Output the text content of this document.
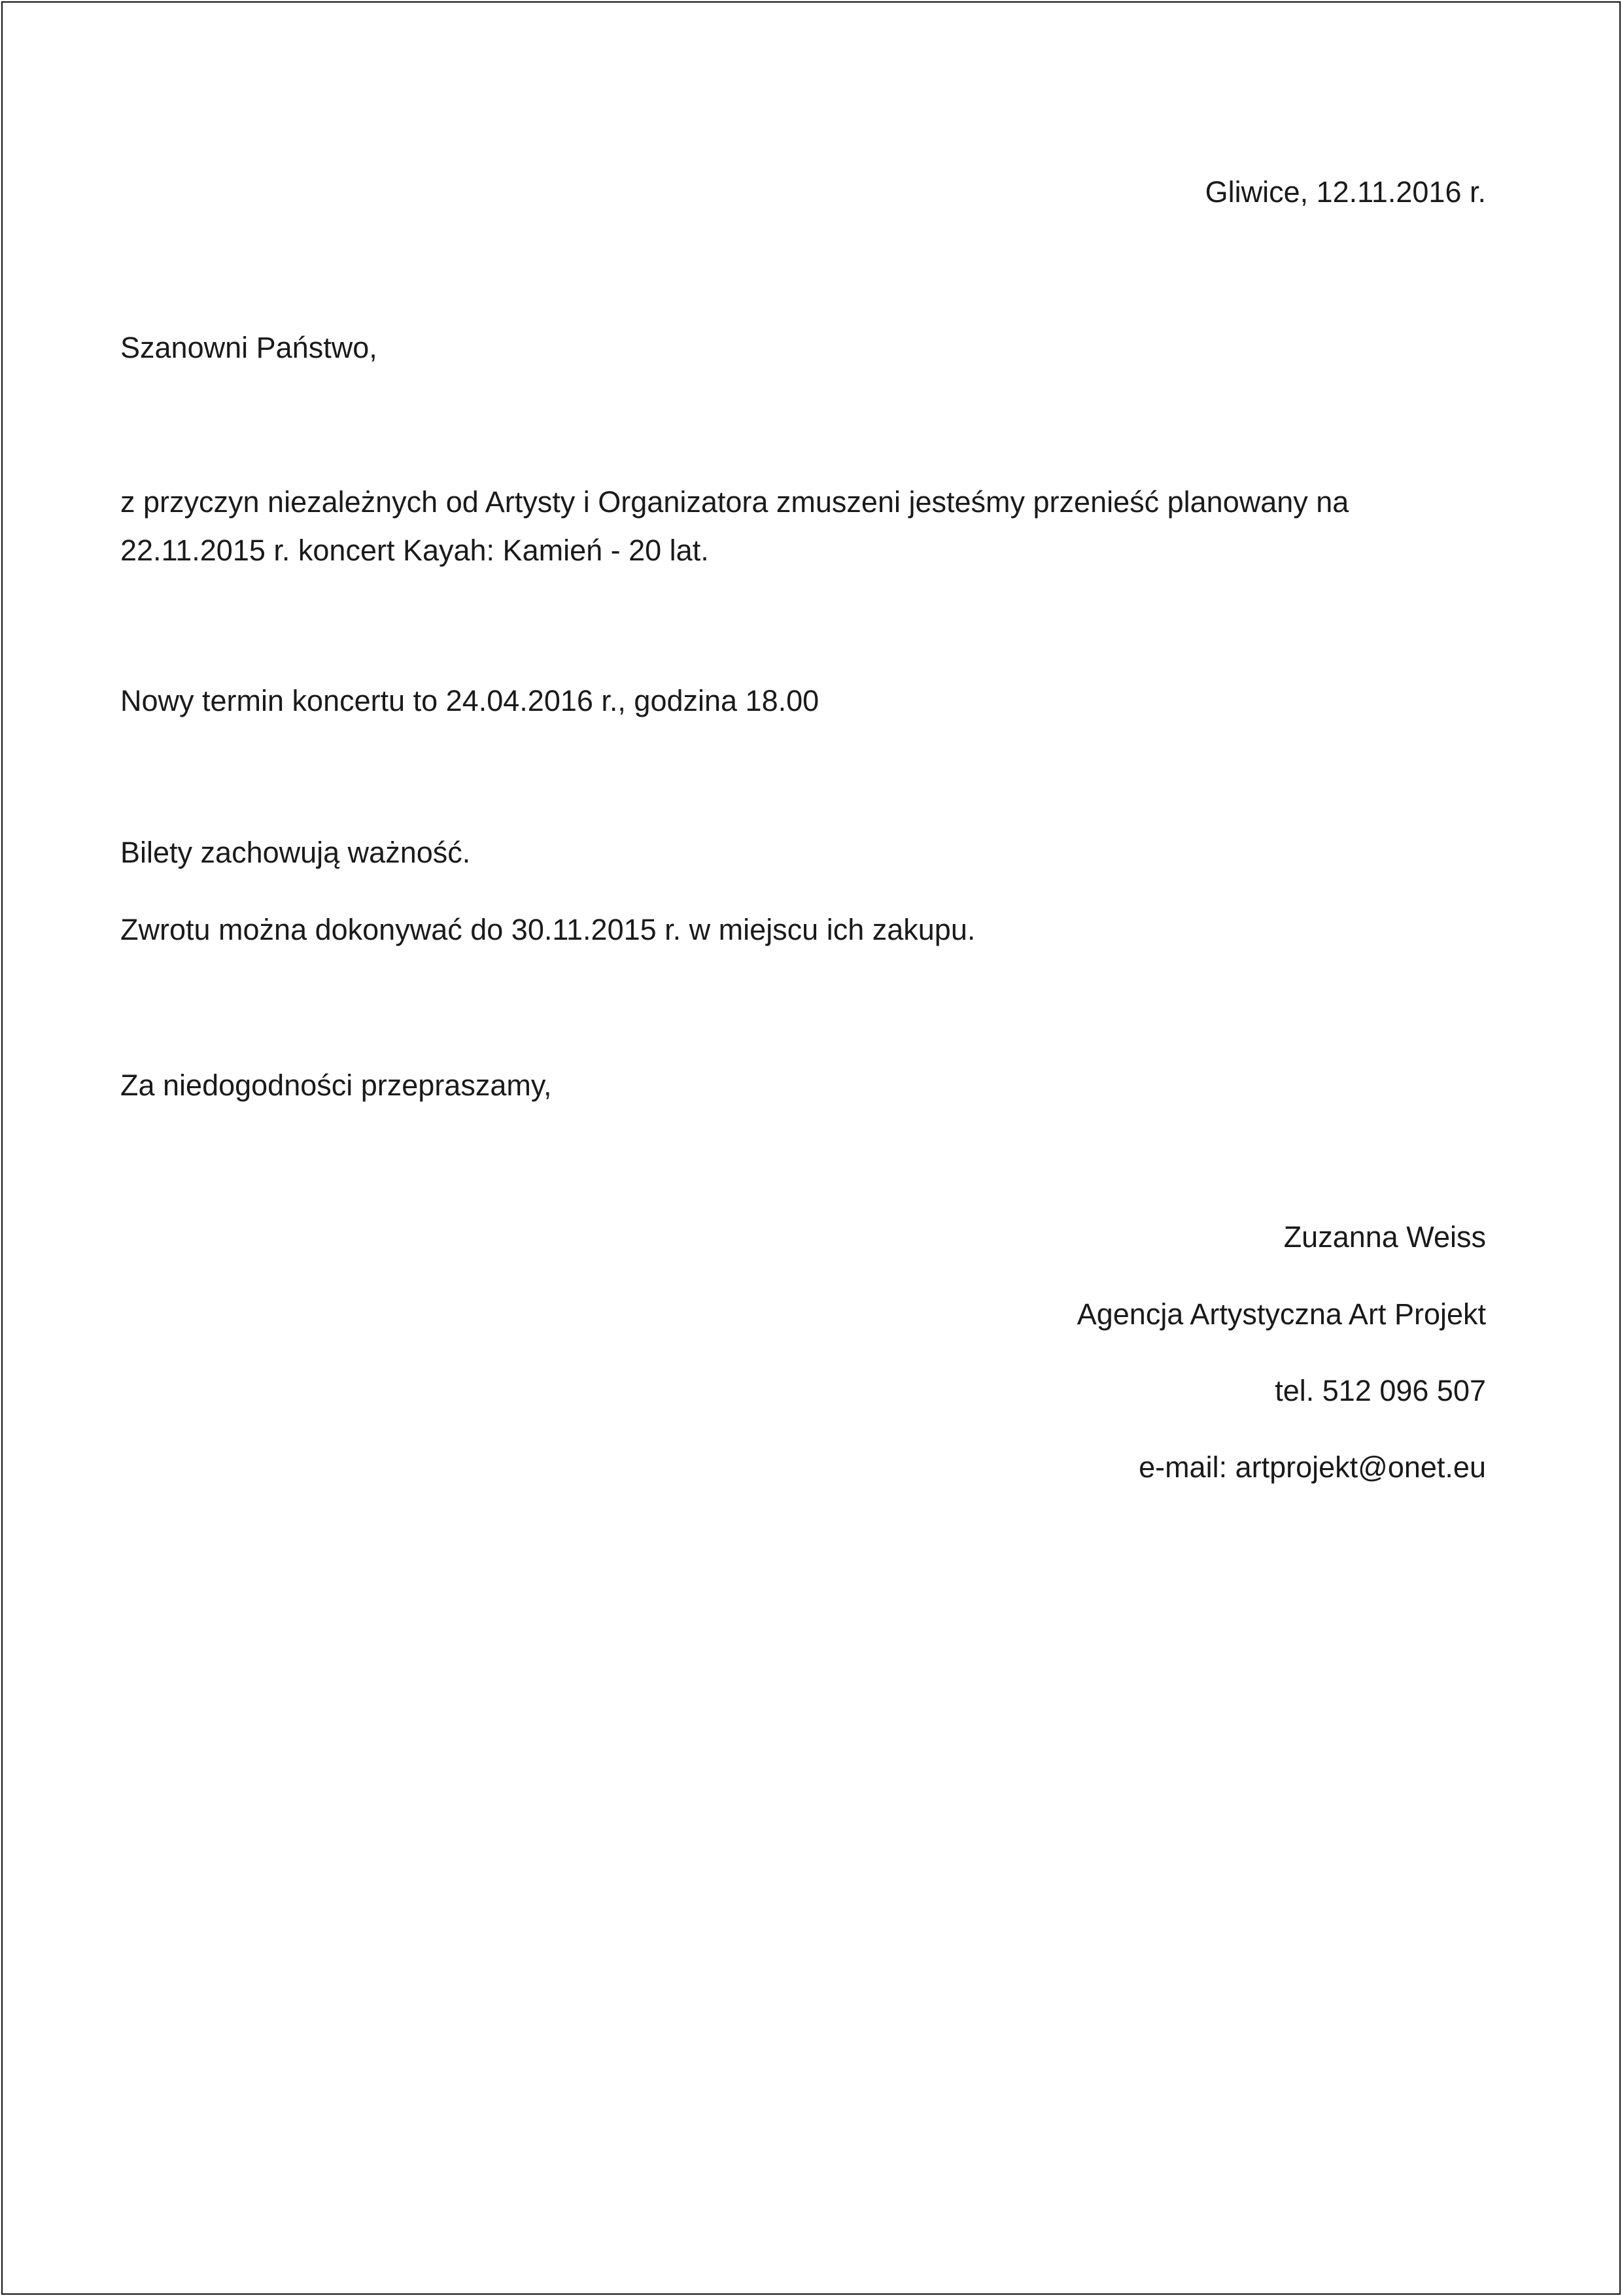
Gliwice, 12.11.2016 r.

Szanowni Państwo,

z przyczyn niezależnych od Artysty i Organizatora zmuszeni jesteśmy przenieść planowany na
22.11.2015 r. koncert Kayah: Kamień - 20 lat.

Nowy termin koncertu to 24.04.2016 r., godzina 18.00

Bilety zachowują ważność.

Zwrotu można dokonywać do 30.11.2015 r. w miejscu ich zakupu.

Za niedogodności przepraszamy,

Zuzanna Weiss

Agencja Artystyczna Art Projekt

tel. 512 096 507

e-mail: artprojekt@onet.eu
